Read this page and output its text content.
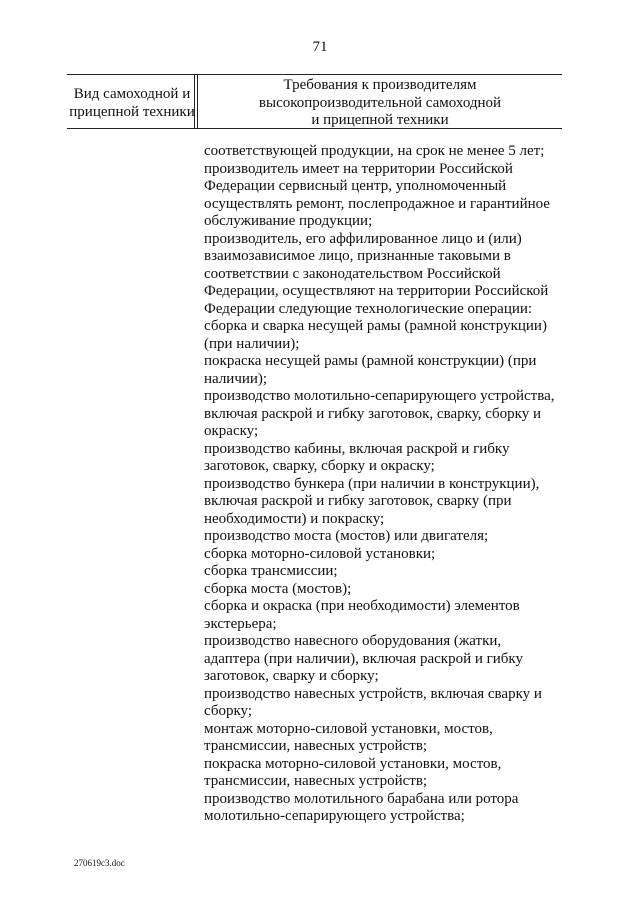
71
Вид самоходной и
прицепной техники
Требования к производителям
высокопроизводительной самоходной
и прицепной техники
соответствующей продукции, на срок не менее 5 лет;
производитель имеет на территории Российской
Федерации сервисный центр, уполномоченный
осуществлять ремонт, послепродажное и гарантийное
обслуживание продукции;
производитель, его аффилированное лицо и (или)
взаимозависимое лицо, признанные таковыми в
соответствии с законодательством Российской
Федерации, осуществляют на территории Российской
Федерации следующие технологические операции:
сборка и сварка несущей рамы (рамной конструкции)
(при наличии);
покраска несущей рамы (рамной конструкции) (при
наличии);
производство молотильно-сепарирующего устройства,
включая раскрой и гибку заготовок, сварку, сборку и
окраску;
производство кабины, включая раскрой и гибку
заготовок, сварку, сборку и окраску;
производство бункера (при наличии в конструкции),
включая раскрой и гибку заготовок, сварку (при
необходимости) и покраску;
производство моста (мостов) или двигателя;
сборка моторно-силовой установки;
сборка трансмиссии;
сборка моста (мостов);
сборка и окраска (при необходимости) элементов
экстерьера;
производство навесного оборудования (жатки,
адаптера (при наличии), включая раскрой и гибку
заготовок, сварку и сборку;
производство навесных устройств, включая сварку и
сборку;
монтаж моторно-силовой установки, мостов,
трансмиссии, навесных устройств;
покраска моторно-силовой установки, мостов,
трансмиссии, навесных устройств;
производство молотильного барабана или ротора
молотильно-сепарирующего устройства;
270619c3.doc
